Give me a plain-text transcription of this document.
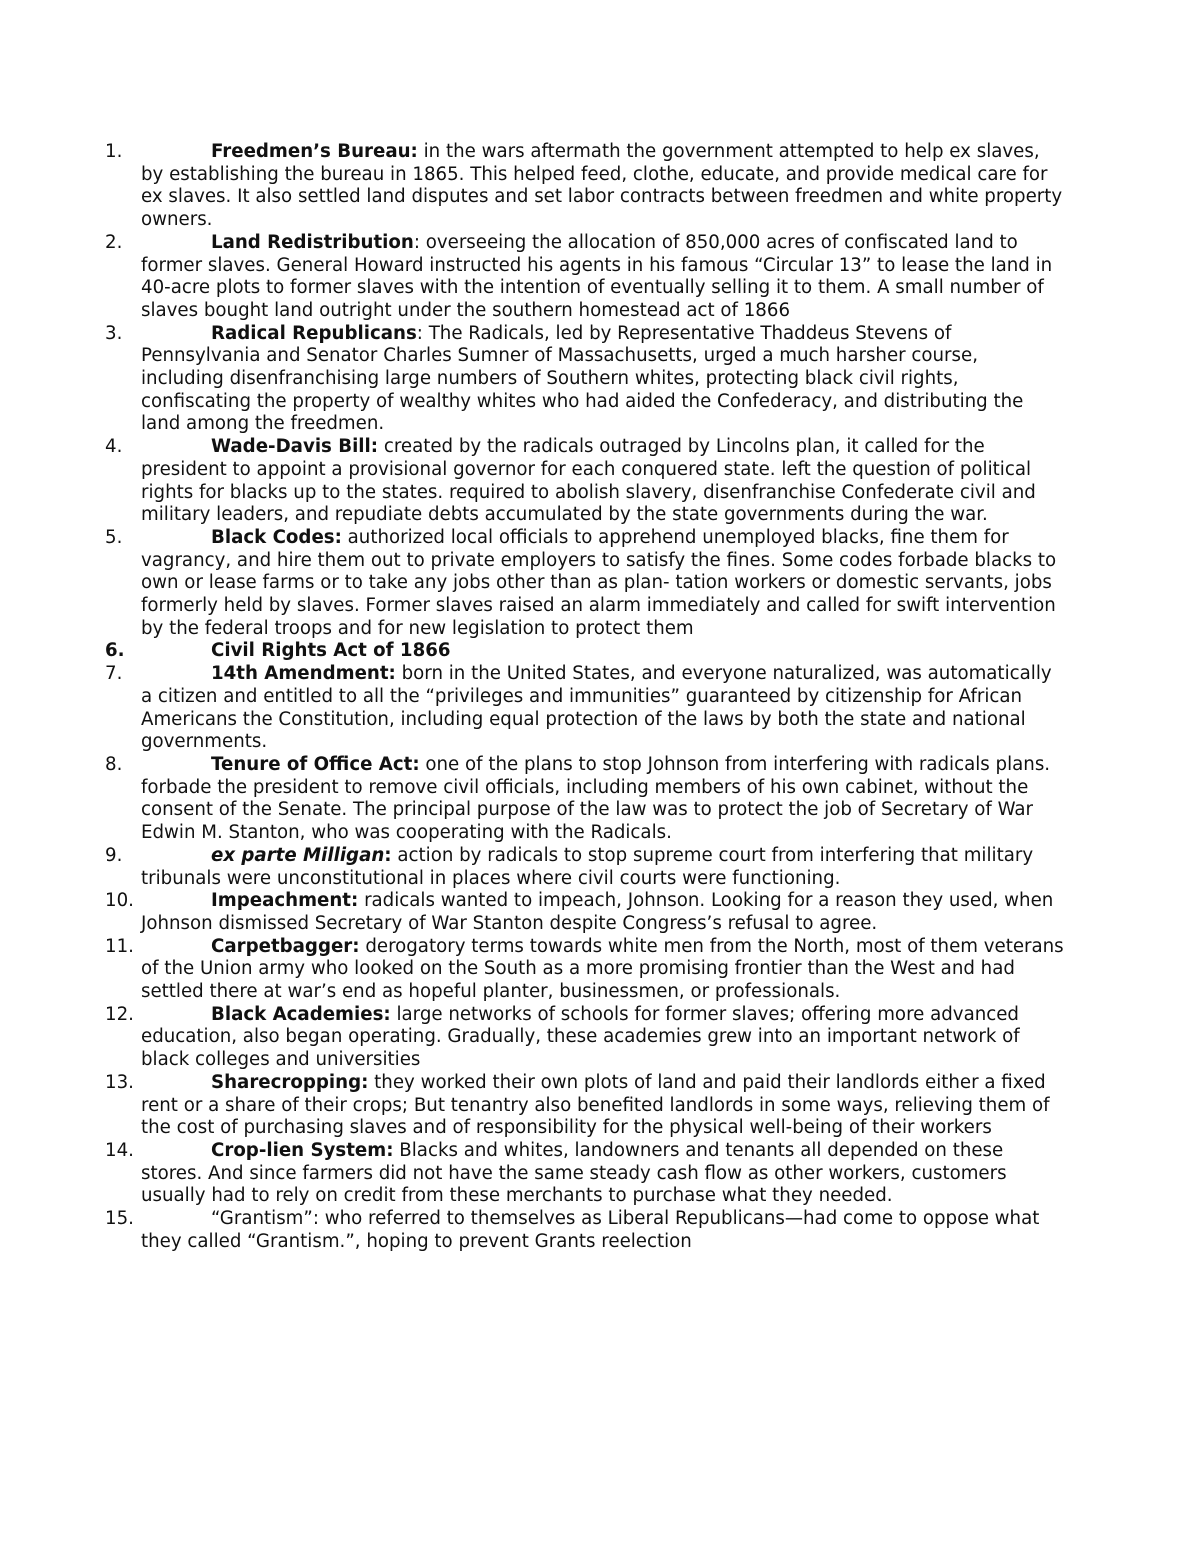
1.	Freedmen’s Bureau: in the wars aftermath the government attempted to help ex slaves, by establishing the bureau in 1865. This helped feed, clothe, educate, and provide medical care for ex slaves. It also settled land disputes and set labor contracts between freedmen and white property owners.
2.	Land Redistribution: overseeing the allocation of 850,000 acres of confiscated land to former slaves. General Howard instructed his agents in his famous “Circular 13” to lease the land in 40-acre plots to former slaves with the intention of eventually selling it to them. A small number of slaves bought land outright under the southern homestead act of 1866
3.	Radical Republicans: The Radicals, led by Representative Thaddeus Stevens of Pennsylvania and Senator Charles Sumner of Massachusetts, urged a much harsher course, including disenfranchising large numbers of Southern whites, protecting black civil rights, confiscating the property of wealthy whites who had aided the Confederacy, and distributing the land among the freedmen.
4.	Wade-Davis Bill: created by the radicals outraged by Lincolns plan, it called for the president to appoint a provisional governor for each conquered state. left the question of political rights for blacks up to the states. required to abolish slavery, disenfranchise Confederate civil and military leaders, and repudiate debts accumulated by the state governments during the war.
5.	Black Codes: authorized local officials to apprehend unemployed blacks, fine them for vagrancy, and hire them out to private employers to satisfy the fines. Some codes forbade blacks to own or lease farms or to take any jobs other than as plan- tation workers or domestic servants, jobs formerly held by slaves. Former slaves raised an alarm immediately and called for swift intervention by the federal troops and for new legislation to protect them
6.	Civil Rights Act of 1866
7.	14th Amendment: born in the United States, and everyone naturalized, was automatically a citizen and entitled to all the “privileges and immunities” guaranteed by citizenship for African Americans the Constitution, including equal protection of the laws by both the state and national governments.
8.	Tenure of Office Act: one of the plans to stop Johnson from interfering with radicals plans. forbade the president to remove civil officials, including members of his own cabinet, without the consent of the Senate. The principal purpose of the law was to protect the job of Secretary of War Edwin M. Stanton, who was cooperating with the Radicals.
9.	ex parte Milligan: action by radicals to stop supreme court from interfering that military tribunals were unconstitutional in places where civil courts were functioning.
10.	Impeachment: radicals wanted to impeach, Johnson. Looking for a reason they used, when Johnson dismissed Secretary of War Stanton despite Congress’s refusal to agree.
11.	Carpetbagger: derogatory terms towards white men from the North, most of them veterans of the Union army who looked on the South as a more promising frontier than the West and had settled there at war’s end as hopeful planter, businessmen, or professionals.
12.	Black Academies: large networks of schools for former slaves; offering more advanced education, also began operating. Gradually, these academies grew into an important network of black colleges and universities
13.	Sharecropping: they worked their own plots of land and paid their landlords either a fixed rent or a share of their crops; But tenantry also benefited landlords in some ways, relieving them of the cost of purchasing slaves and of responsibility for the physical well-being of their workers
14.	Crop-lien System: Blacks and whites, landowners and tenants all depended on these stores. And since farmers did not have the same steady cash flow as other workers, customers usually had to rely on credit from these merchants to purchase what they needed.
15.	“Grantism”: who referred to themselves as Liberal Republicans—had come to oppose what they called “Grantism.”, hoping to prevent Grants reelection
